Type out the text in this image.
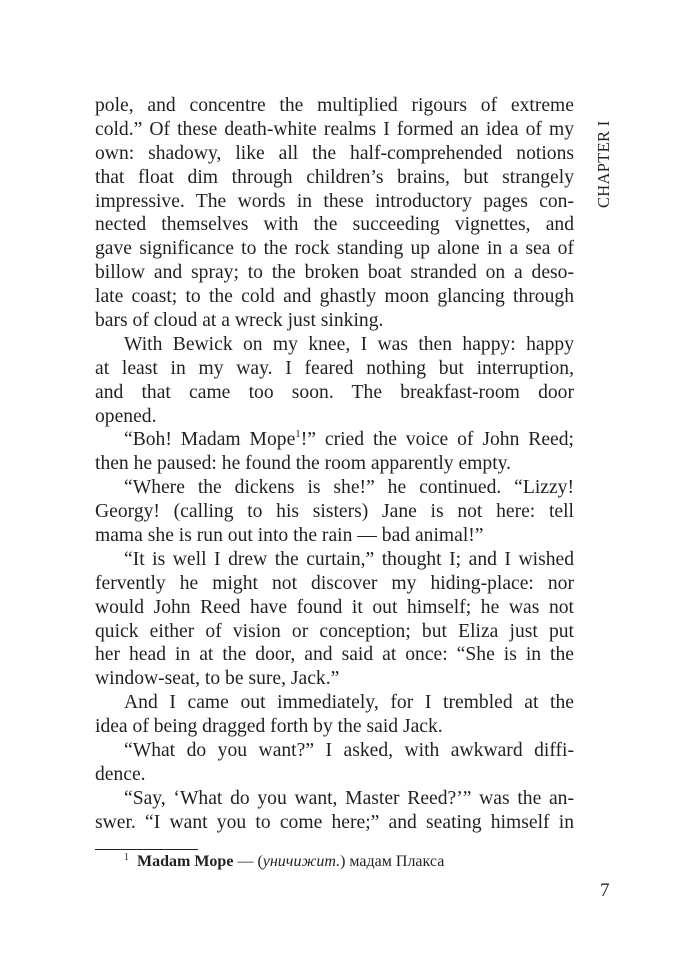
CHAPTER I
pole, and concentre the multiplied rigours of extreme
cold.” Of these death-white realms I formed an idea of my
own: shadowy, like all the half-comprehended notions
that float dim through children’s brains, but strangely
impressive. The words in these introductory pages con-
nected themselves with the succeeding vignettes, and
gave significance to the rock standing up alone in a sea of
billow and spray; to the broken boat stranded on a deso-
late coast; to the cold and ghastly moon glancing through
bars of cloud at a wreck just sinking.
With Bewick on my knee, I was then happy: happy
at least in my way. I feared nothing but interruption,
and that came too soon. The breakfast-room door
opened.
“Boh! Madam Mope$^1$!” cried the voice of John Reed;
then he paused: he found the room apparently empty.
“Where the dickens is she!” he continued. “Lizzy!
Georgy! (calling to his sisters) Jane is not here: tell
mama she is run out into the rain — bad animal!”
“It is well I drew the curtain,” thought I; and I wished
fervently he might not discover my hiding-place: nor
would John Reed have found it out himself; he was not
quick either of vision or conception; but Eliza just put
her head in at the door, and said at once: “She is in the
window-seat, to be sure, Jack.”
And I came out immediately, for I trembled at the
idea of being dragged forth by the said Jack.
“What do you want?” I asked, with awkward diffi-
dence.
“Say, ‘What do you want, Master Reed?’” was the an-
swer. “I want you to come here;” and seating himself in
$^1$ Madam Mope — (уничижит.) мадам Плакса
7
